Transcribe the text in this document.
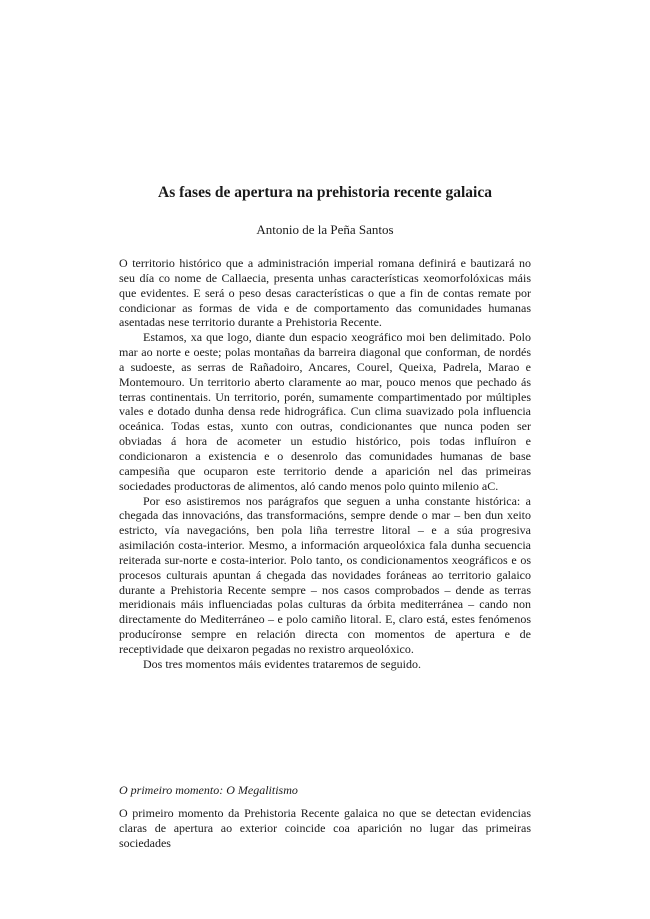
As fases de apertura na prehistoria recente galaica
Antonio de la Peña Santos

O territorio histórico que a administración imperial romana definirá e bautizará no seu día co nome de Callaecia, presenta unhas características xeomorfolóxicas máis que evidentes. E será o peso desas características o que a fin de contas remate por condicionar as formas de vida e de comportamento das comunidades humanas asentadas nese territorio durante a Prehistoria Recente.

Estamos, xa que logo, diante dun espacio xeográfico moi ben delimitado. Polo mar ao norte e oeste; polas montañas da barreira diagonal que conforman, de nordés a sudoeste, as serras de Rañadoiro, Ancares, Courel, Queixa, Padrela, Marao e Montemouro. Un territorio aberto claramente ao mar, pouco menos que pechado ás terras continentais. Un territorio, porén, sumamente compartimentado por múltiples vales e dotado dunha densa rede hidrográfica. Cun clima suavizado pola influencia oceánica. Todas estas, xunto con outras, condicionantes que nunca poden ser obviadas á hora de acometer un estudio histórico, pois todas influíron e condicionaron a existencia e o desenrolo das comunidades humanas de base campesiña que ocuparon este territorio dende a aparición nel das primeiras sociedades productoras de alimentos, aló cando menos polo quinto milenio aC.

Por eso asistiremos nos parágrafos que seguen a unha constante histórica: a chegada das innovacións, das transformacións, sempre dende o mar – ben dun xeito estricto, vía navegacións, ben pola liña terrestre litoral – e a súa progresiva asimilación costa-interior. Mesmo, a información arqueolóxica fala dunha secuencia reiterada sur-norte e costa-interior. Polo tanto, os condicionamentos xeográficos e os procesos culturais apuntan á chegada das novidades foráneas ao territorio galaico durante a Prehistoria Recente sempre – nos casos comprobados – dende as terras meridionais máis influenciadas polas culturas da órbita mediterránea – cando non directamente do Mediterráneo – e polo camiño litoral. E, claro está, estes fenómenos producíronse sempre en relación directa con momentos de apertura e de receptividade que deixaron pegadas no rexistro arqueolóxico.

Dos tres momentos máis evidentes trataremos de seguido.

O primeiro momento: O Megalitismo

O primeiro momento da Prehistoria Recente galaica no que se detectan evidencias claras de apertura ao exterior coincide coa aparición no lugar das primeiras sociedades
